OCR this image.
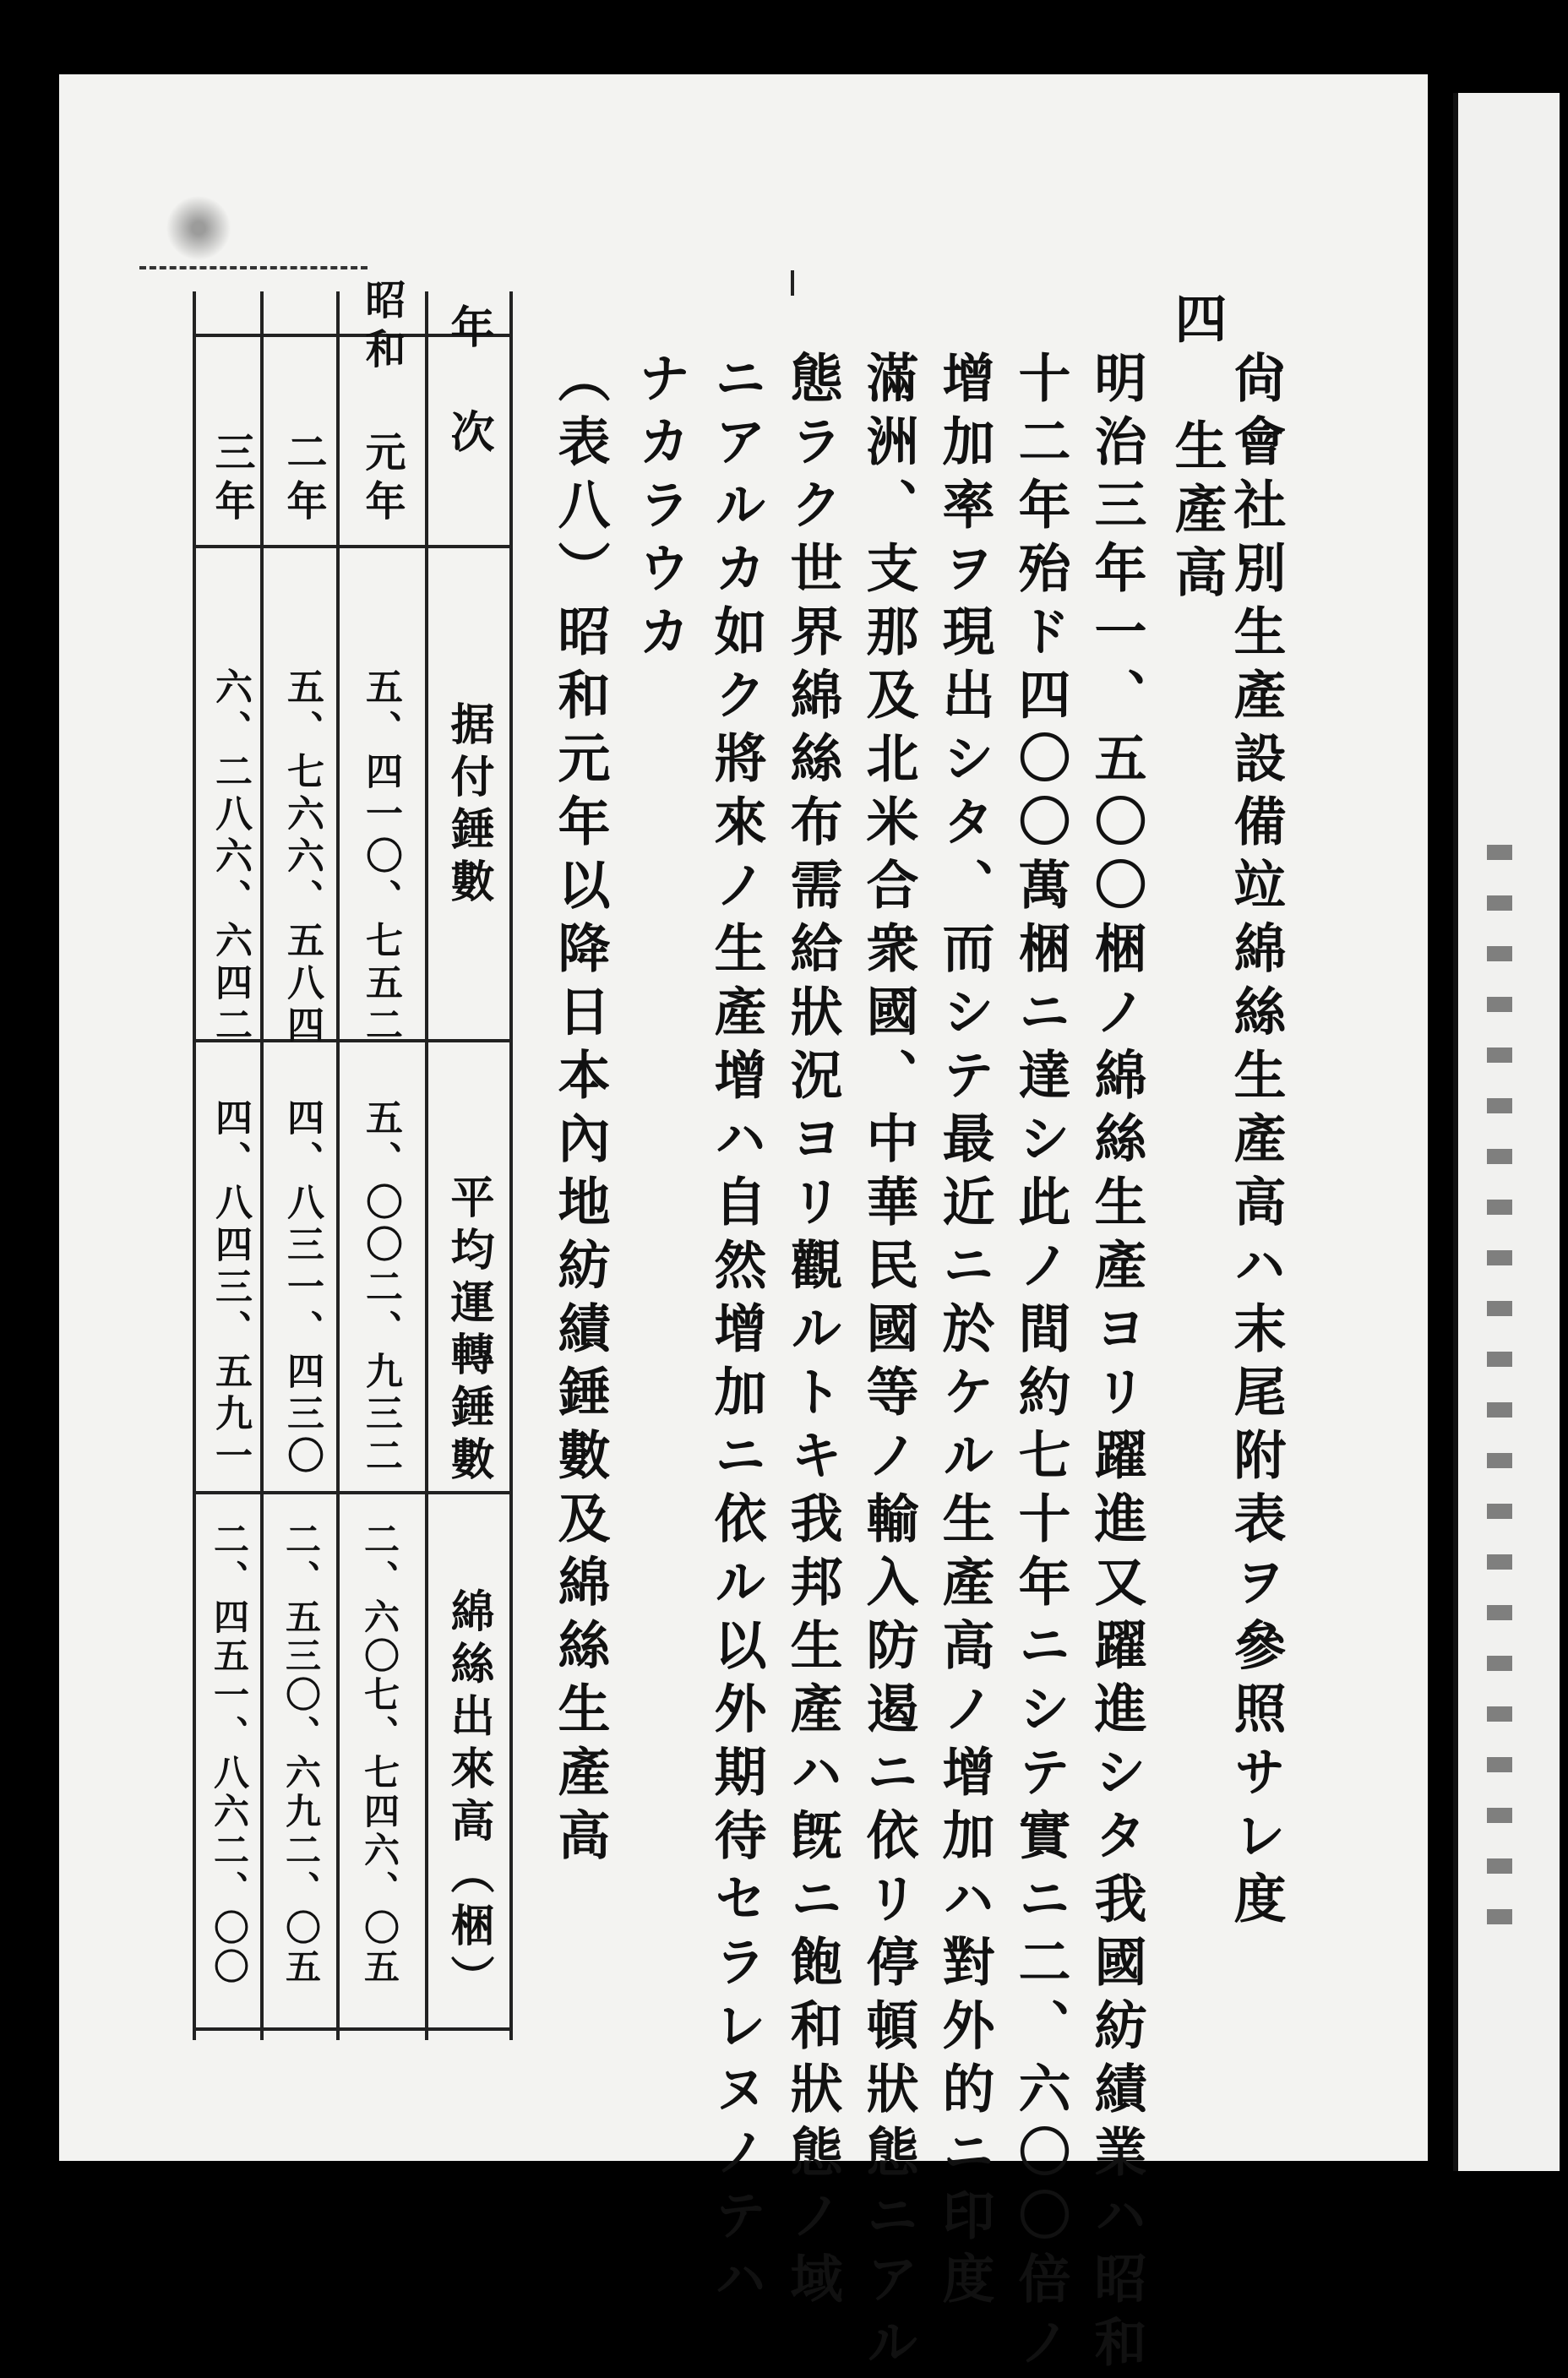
尙會社別生產設備竝綿絲生產高ハ末尾附表ヲ參照サレ度
四　生產高
明治三年一、五〇〇梱ノ綿絲生產ヨリ躍進又躍進シタ我國紡績業ハ昭和
十二年殆ド四〇〇萬梱ニ達シ此ノ間約七十年ニシテ實ニ二、六〇〇倍ノ
增加率ヲ現出シタ、而シテ最近ニ於ケル生產高ノ增加ハ對外的ニ印度
滿洲、支那及北米合衆國、中華民國等ノ輸入防遏ニ依リ停頓狀態ニアル
態ラク世界綿絲布需給狀況ヨリ觀ルトキ我邦生產ハ旣ニ飽和狀態ノ域
ニアルカ如ク將來ノ生產增ハ自然增加ニ依ル以外期待セラレヌノテハ
ナカラウカ
（表八）昭和元年以降日本內地紡績錘數及綿絲生產高
年　次
据付錘數
平均運轉錘數
綿絲出來高（梱）
昭和
元年
五、四一〇、七五二
五、〇〇二、九三二
二、六〇七、七四六、〇五
二年
五、七六六、五八四
四、八三一、四三〇
二、五三〇、六九二、〇五
三年
六、二八六、六四二
四、八四三、五九一
二、四五一、八六二、〇〇
